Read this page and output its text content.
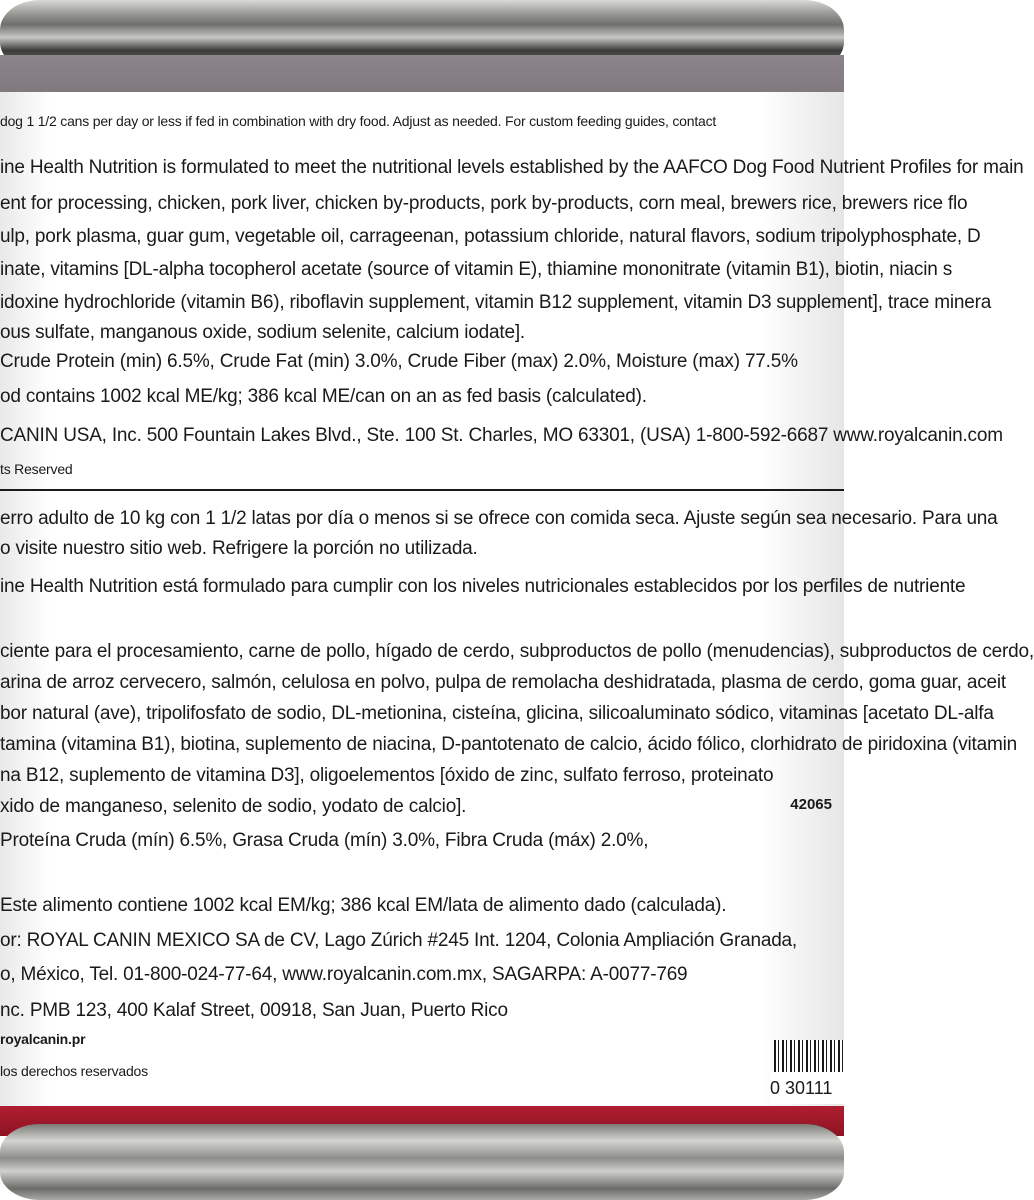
dog 1 1/2 cans per day or less if fed in combination with dry food. Adjust as needed. For custom feeding guides, contact
ine Health Nutrition is formulated to meet the nutritional levels established by the AAFCO Dog Food Nutrient Profiles for main
ent for processing, chicken, pork liver, chicken by-products, pork by-products, corn meal, brewers rice, brewers rice flo
ulp, pork plasma, guar gum, vegetable oil, carrageenan, potassium chloride, natural flavors, sodium tripolyphosphate, D
inate, vitamins [DL-alpha tocopherol acetate (source of vitamin E), thiamine mononitrate (vitamin B1), biotin, niacin s
idoxine hydrochloride (vitamin B6), riboflavin supplement, vitamin B12 supplement, vitamin D3 supplement], trace minera
ous sulfate, manganous oxide, sodium selenite, calcium iodate].
Crude Protein (min) 6.5%, Crude Fat (min) 3.0%, Crude Fiber (max) 2.0%, Moisture (max) 77.5%
od contains 1002 kcal ME/kg; 386 kcal ME/can on an as fed basis (calculated).
CANIN USA, Inc. 500 Fountain Lakes Blvd., Ste. 100 St. Charles, MO 63301, (USA) 1-800-592-6687 www.royalcanin.com
ts Reserved
erro adulto de 10 kg con 1 1/2 latas por día o menos si se ofrece con comida seca. Ajuste según sea necesario. Para una
o visite nuestro sitio web. Refrigere la porción no utilizada.
ine Health Nutrition está formulado para cumplir con los niveles nutricionales establecidos por los perfiles de nutriente
ciente para el procesamiento, carne de pollo, hígado de cerdo, subproductos de pollo (menudencias), subproductos de cerdo,
arina de arroz cervecero, salmón, celulosa en polvo, pulpa de remolacha deshidratada, plasma de cerdo, goma guar, aceit
bor natural (ave), tripolifosfato de sodio, DL-metionina, cisteína, glicina, silicoaluminato sódico, vitaminas [acetato DL-alfa
tamina (vitamina B1), biotina, suplemento de niacina, D-pantotenato de calcio, ácido fólico, clorhidrato de piridoxina (vitamin
na B12, suplemento de vitamina D3], oligoelementos [óxido de zinc, sulfato ferroso, proteinato
xido de manganeso, selenito de sodio, yodato de calcio].	42065
Proteína Cruda (mín) 6.5%, Grasa Cruda (mín) 3.0%, Fibra Cruda (máx) 2.0%,
Este alimento contiene 1002 kcal EM/kg; 386 kcal EM/lata de alimento dado (calculada).
or: ROYAL CANIN MEXICO SA de CV, Lago Zúrich #245 Int. 1204, Colonia Ampliación Granada,
o, México, Tel. 01-800-024-77-64, www.royalcanin.com.mx, SAGARPA: A-0077-769
nc. PMB 123, 400 Kalaf Street, 00918, San Juan, Puerto Rico
royalcanin.pr
los derechos reservados
0 30111
